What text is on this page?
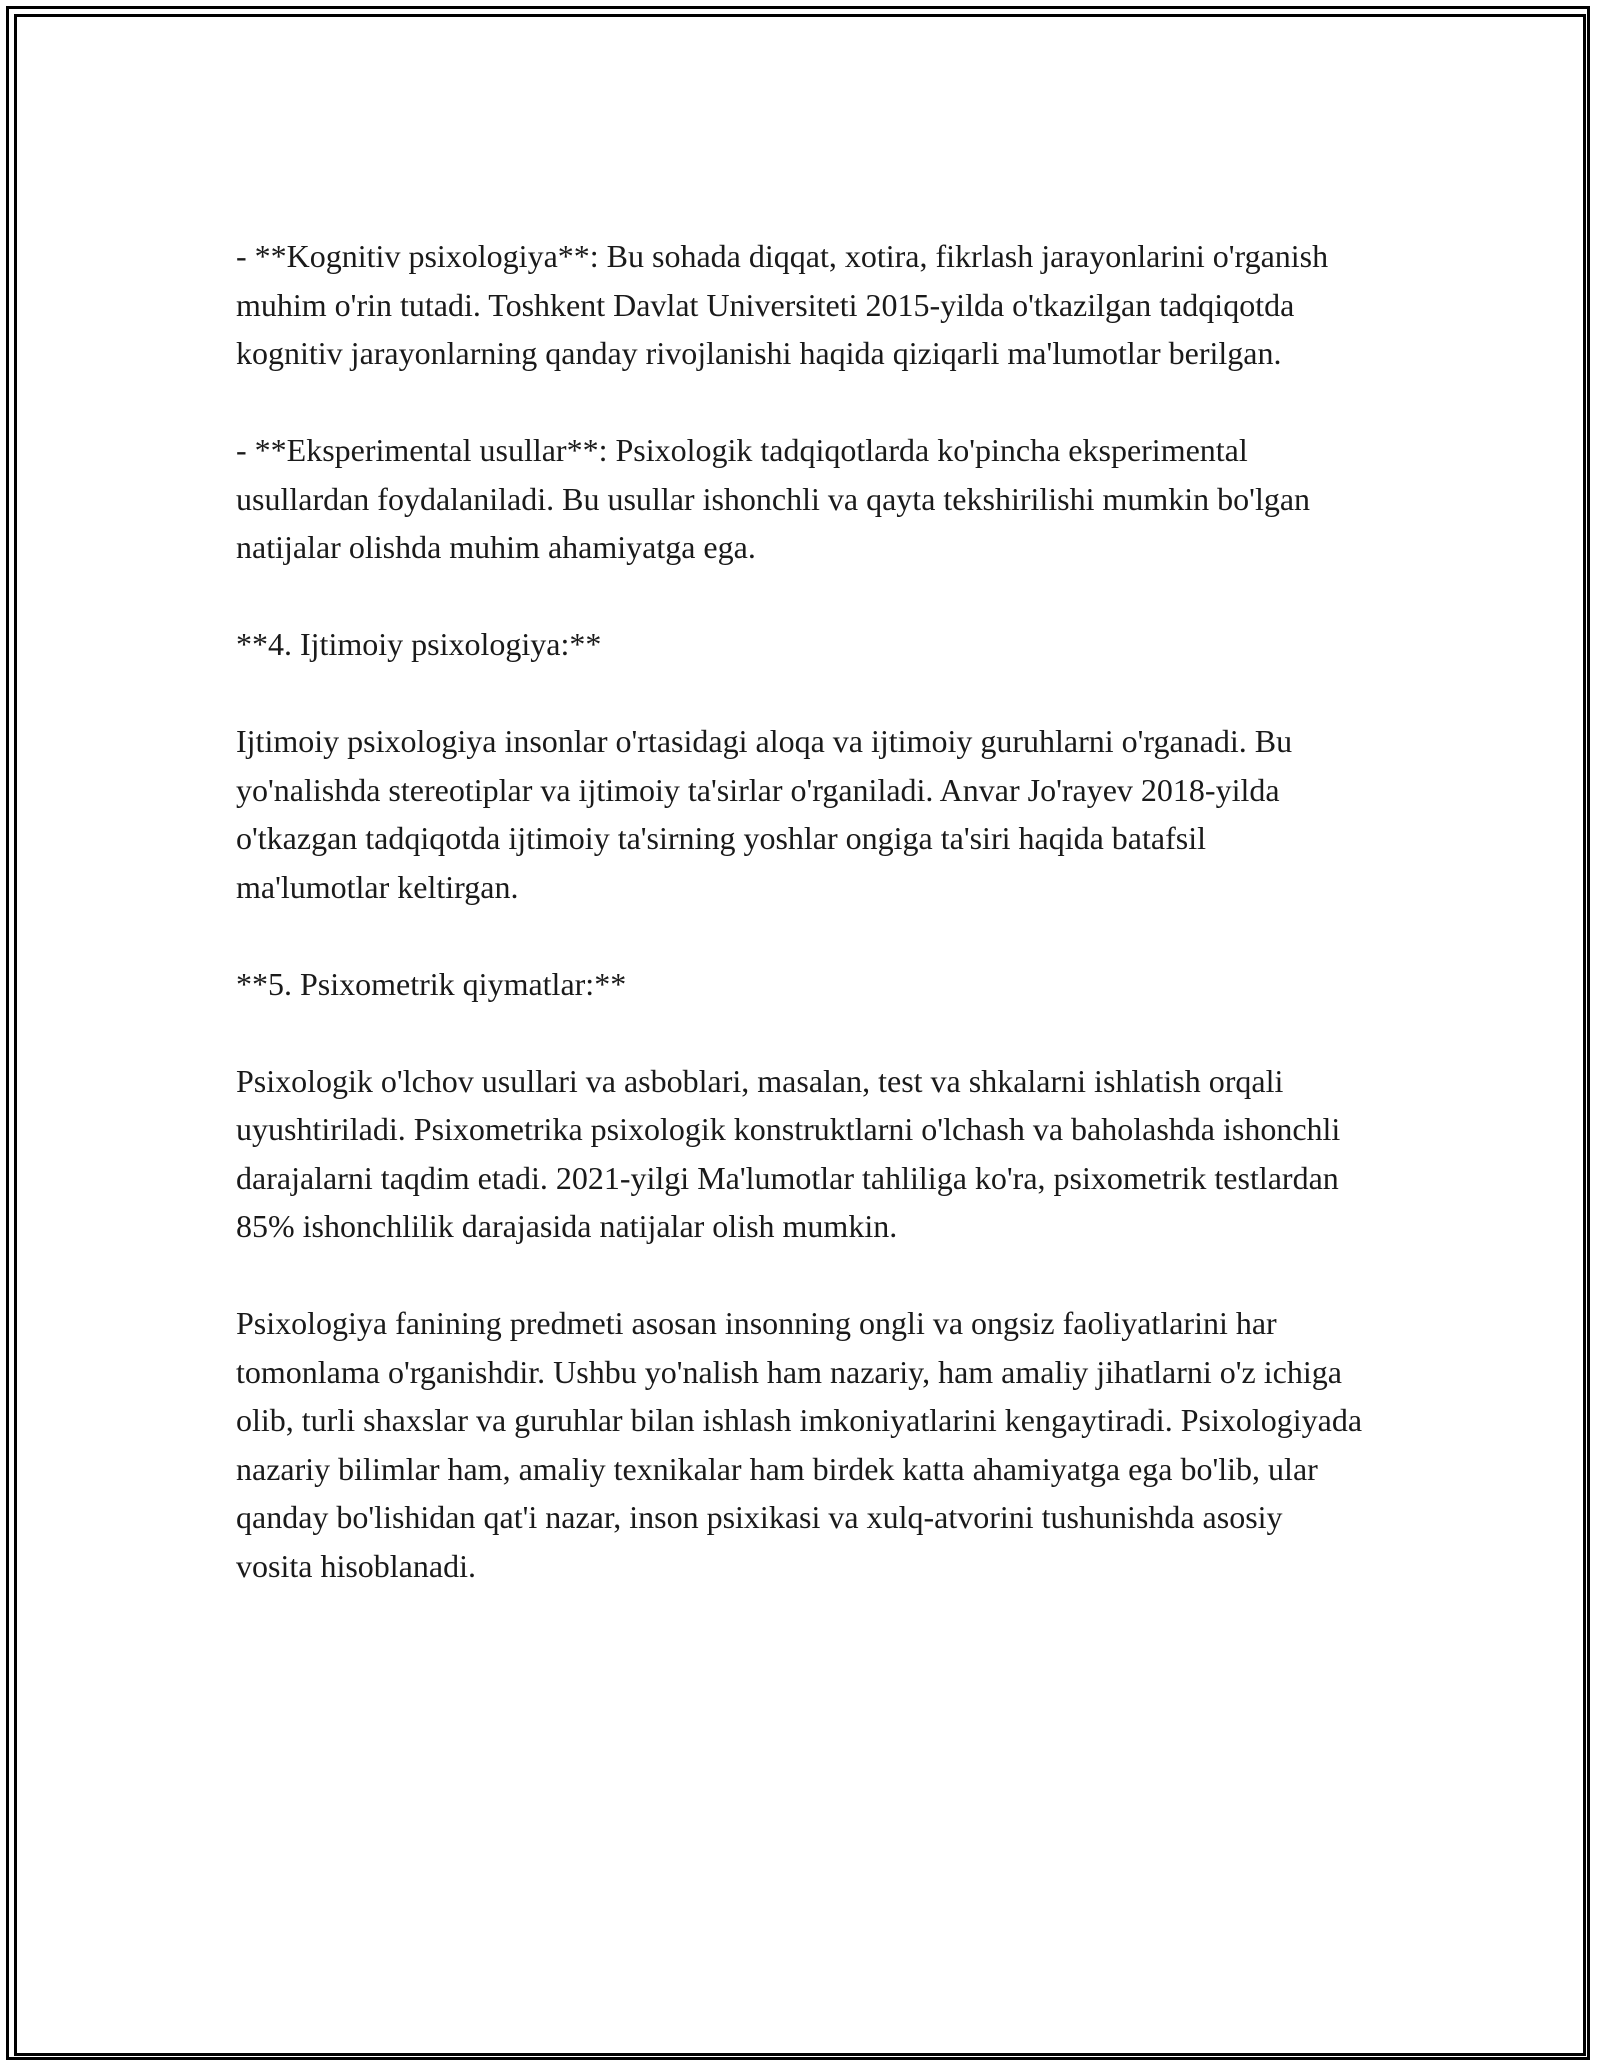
- **Kognitiv psixologiya**: Bu sohada diqqat, xotira, fikrlash jarayonlarini o'rganish muhim o'rin tutadi. Toshkent Davlat Universiteti 2015-yilda o'tkazilgan tadqiqotda kognitiv jarayonlarning qanday rivojlanishi haqida qiziqarli ma'lumotlar berilgan.

- **Eksperimental usullar**: Psixologik tadqiqotlarda ko'pincha eksperimental usullardan foydalaniladi. Bu usullar ishonchli va qayta tekshirilishi mumkin bo'lgan natijalar olishda muhim ahamiyatga ega.

**4. Ijtimoiy psixologiya:**

Ijtimoiy psixologiya insonlar o'rtasidagi aloqa va ijtimoiy guruhlarni o'rganadi. Bu yo'nalishda stereotiplar va ijtimoiy ta'sirlar o'rganiladi. Anvar Jo'rayev 2018-yilda o'tkazgan tadqiqotda ijtimoiy ta'sirning yoshlar ongiga ta'siri haqida batafsil ma'lumotlar keltirgan.

**5. Psixometrik qiymatlar:**

Psixologik o'lchov usullari va asboblari, masalan, test va shkalarni ishlatish orqali uyushtiriladi. Psixometrika psixologik konstruktlarni o'lchash va baholashda ishonchli darajalarni taqdim etadi. 2021-yilgi Ma'lumotlar tahliliga ko'ra, psixometrik testlardan 85% ishonchlilik darajasida natijalar olish mumkin.

Psixologiya fanining predmeti asosan insonning ongli va ongsiz faoliyatlarini har tomonlama o'rganishdir. Ushbu yo'nalish ham nazariy, ham amaliy jihatlarni o'z ichiga olib, turli shaxslar va guruhlar bilan ishlash imkoniyatlarini kengaytiradi. Psixologiyada nazariy bilimlar ham, amaliy texnikalar ham birdek katta ahamiyatga ega bo'lib, ular qanday bo'lishidan qat'i nazar, inson psixikasi va xulq-atvorini tushunishda asosiy vosita hisoblanadi.
